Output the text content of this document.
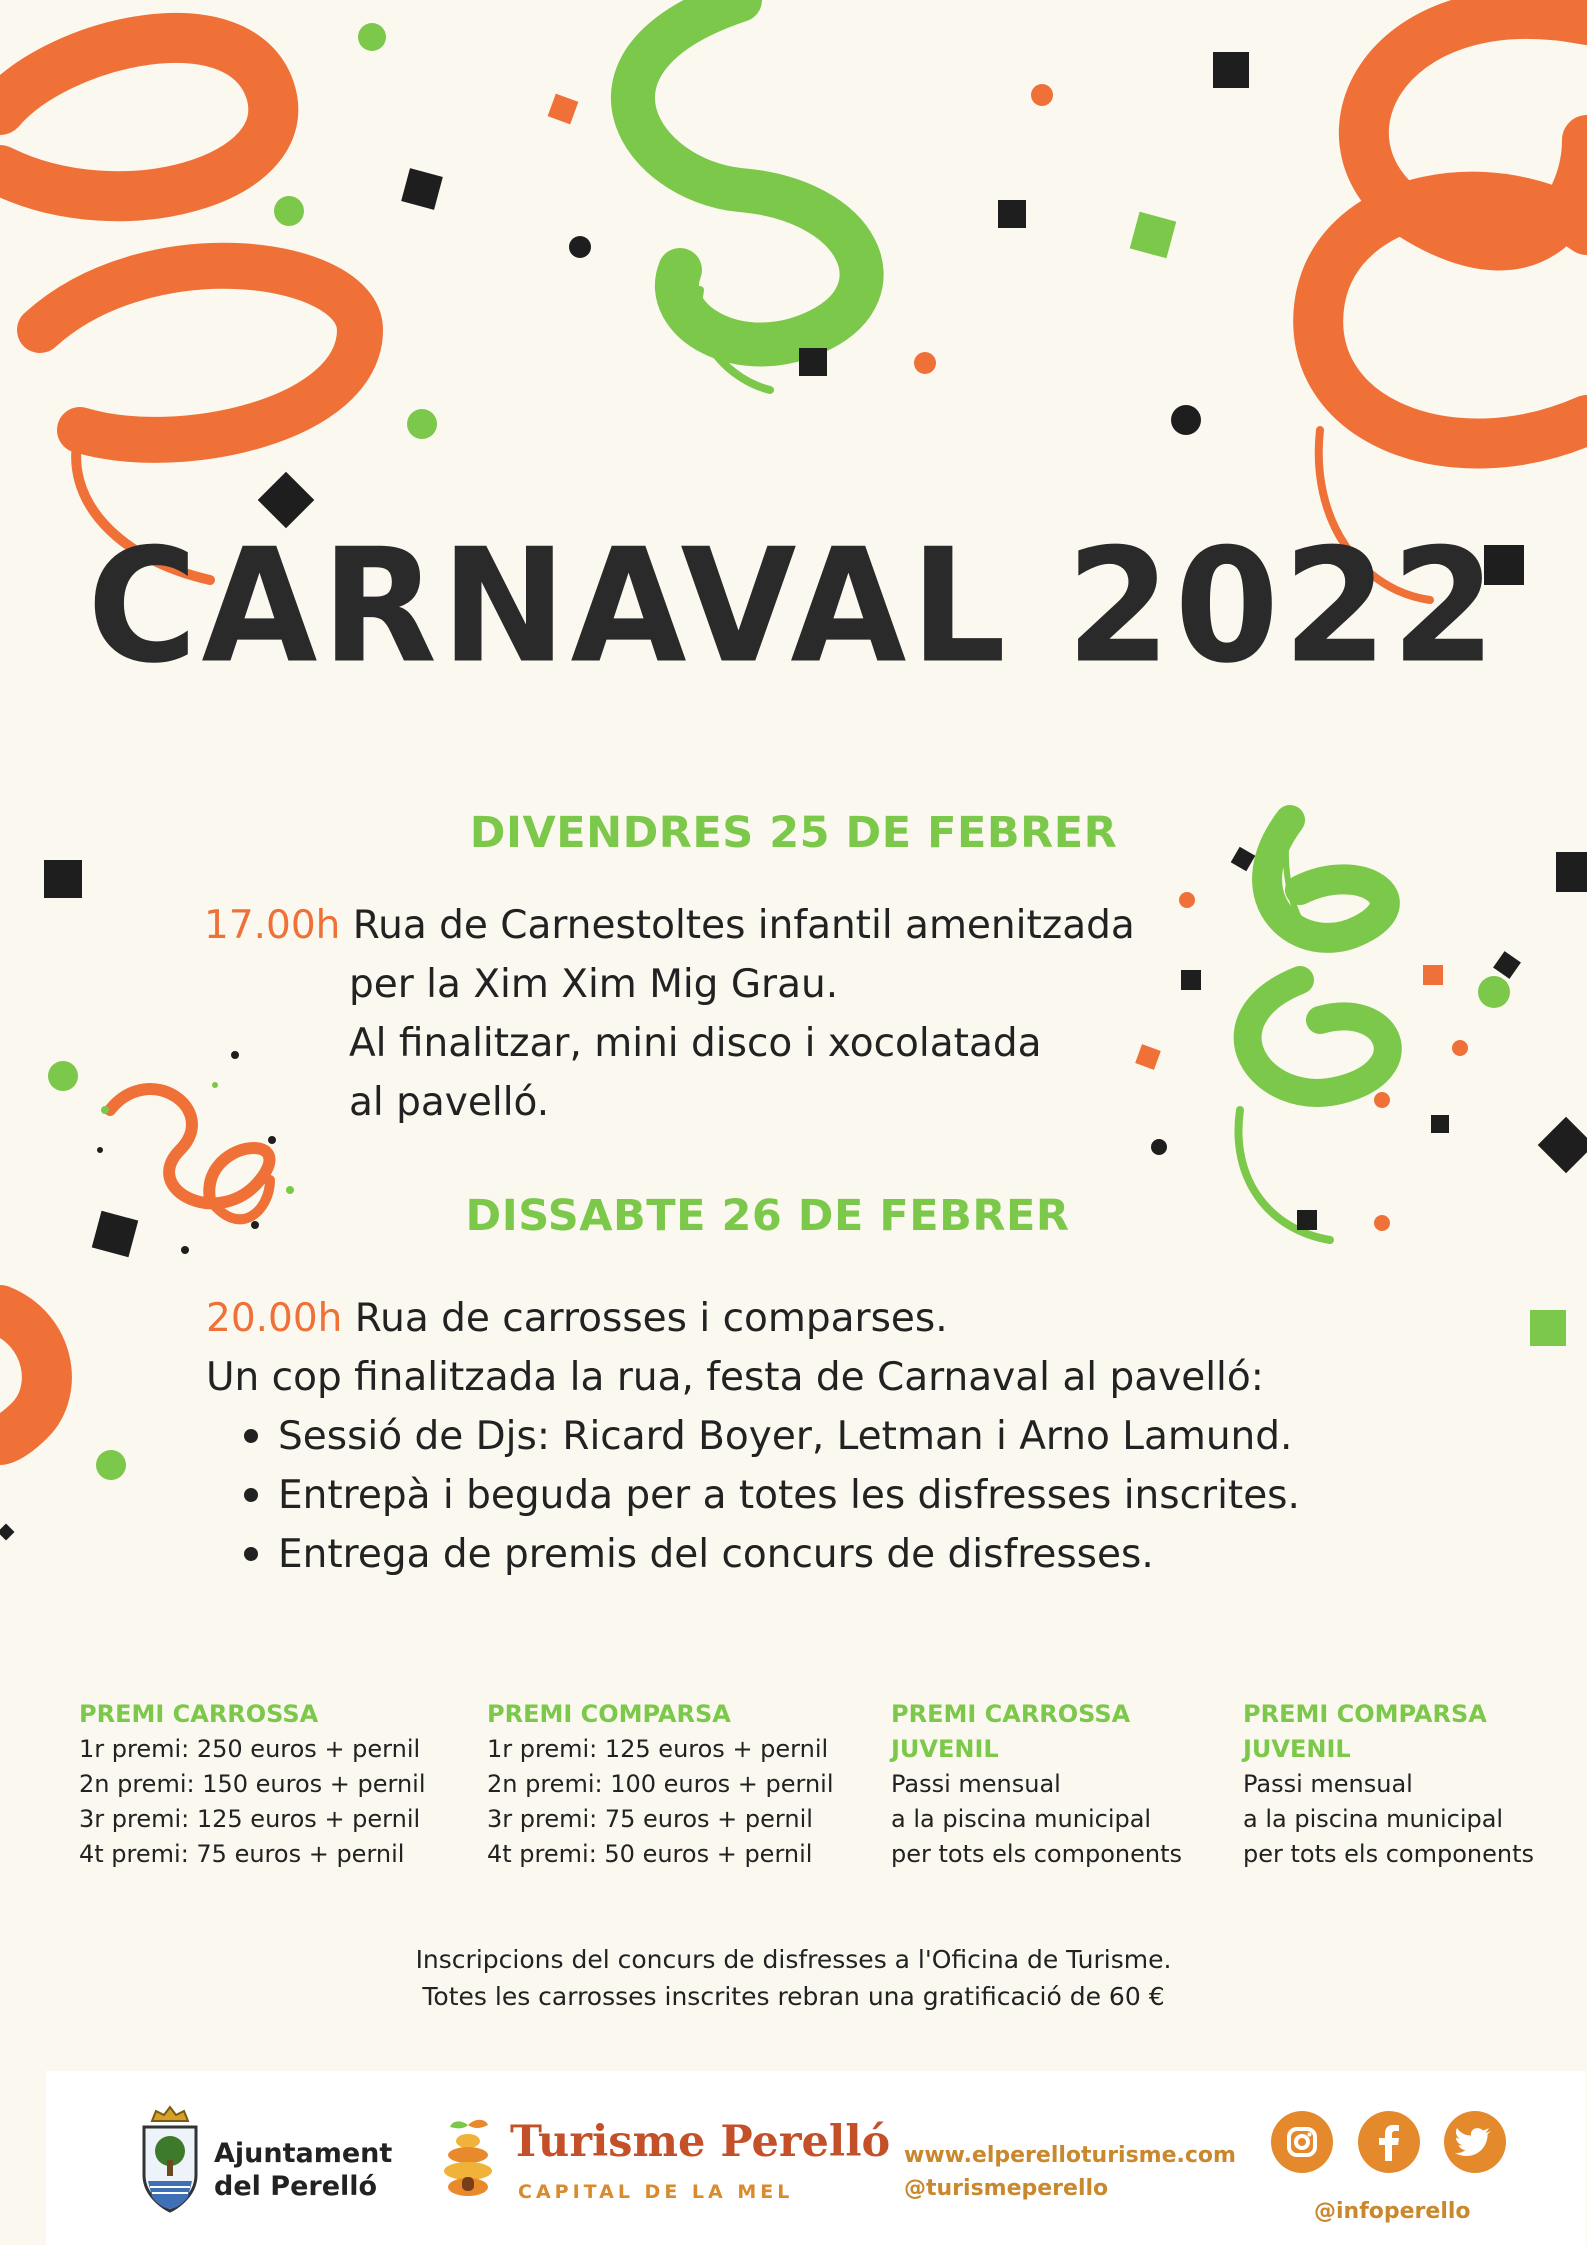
CARNAVAL 2022
DIVENDRES 25 DE FEBRER
17.00h Rua de Carnestoltes infantil amenitzada
per la Xim Xim Mig Grau.
Al finalitzar, mini disco i xocolatada
al pavelló.
DISSABTE 26 DE FEBRER
20.00h Rua de carrosses i comparses.
Un cop finalitzada la rua, festa de Carnaval al pavelló:
Sessió de Djs: Ricard Boyer, Letman i Arno Lamund.
Entrepà i beguda per a totes les disfresses inscrites.
Entrega de premis del concurs de disfresses.
PREMI CARROSSA
1r premi: 250 euros + pernil
2n premi: 150 euros + pernil
3r premi: 125 euros + pernil
4t premi: 75 euros + pernil
PREMI COMPARSA
1r premi: 125 euros + pernil
2n premi: 100 euros + pernil
3r premi: 75 euros + pernil
4t premi: 50 euros + pernil
PREMI CARROSSA
JUVENIL
Passi mensual
a la piscina municipal
per tots els components
PREMI COMPARSA
JUVENIL
Passi mensual
a la piscina municipal
per tots els components
Inscripcions del concurs de disfresses a l'Oficina de Turisme.
Totes les carrosses inscrites rebran una gratificació de 60 €
Ajuntament
del Perelló
Turisme Perelló
CAPITAL DE LA MEL
www.elperelloturisme.com
@turismeperello
@infoperello
